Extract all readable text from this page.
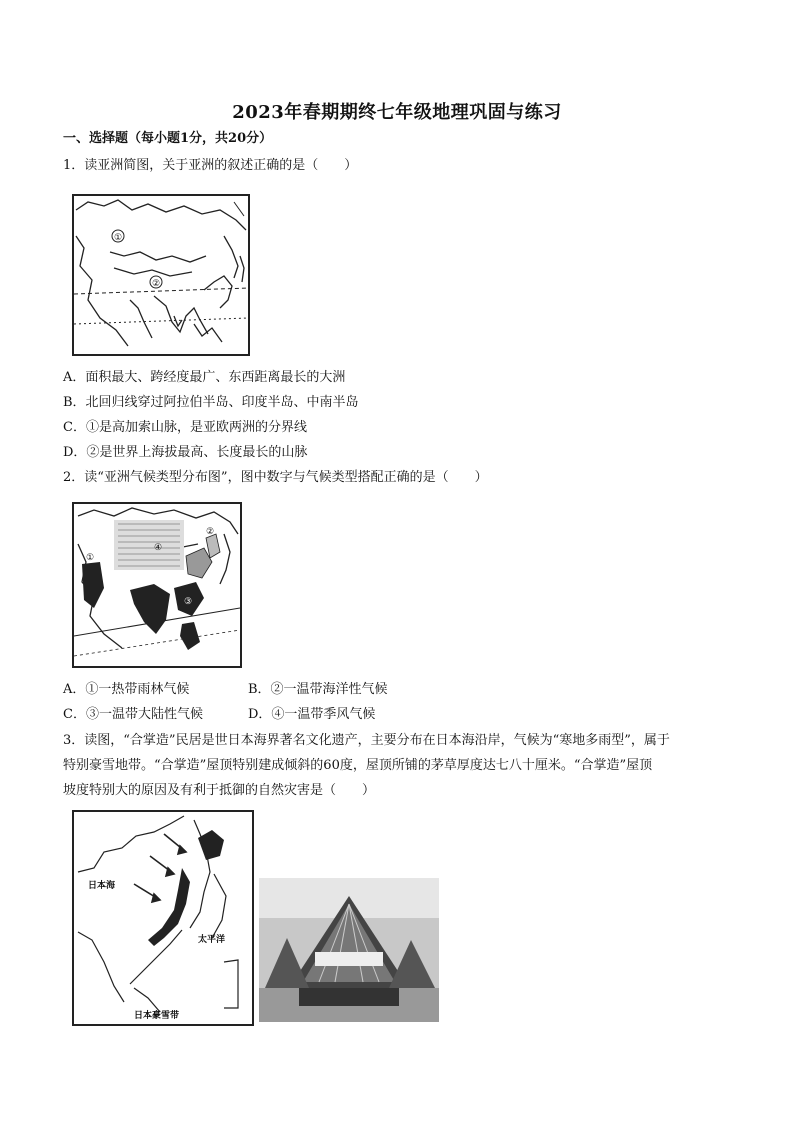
2023年春期期终七年级地理巩固与练习
一、选择题（每小题1分，共20分）
1．读亚洲简图，关于亚洲的叙述正确的是（　　）
①
②
A．面积最大、跨经度最广、东西距离最长的大洲
B．北回归线穿过阿拉伯半岛、印度半岛、中南半岛
C．①是高加索山脉，是亚欧两洲的分界线
D．②是世界上海拔最高、长度最长的山脉
2．读“亚洲气候类型分布图”，图中数字与气候类型搭配正确的是（　　）
①
②
③
④
A．①一热带雨林气候	B．②一温带海洋性气候
C．③一温带大陆性气候	D．④一温带季风气候
3．读图，“合掌造”民居是世日本海界著名文化遗产，主要分布在日本海沿岸，气候为“寒地多雨型”，属于
特别豪雪地带。“合掌造”屋顶特别建成倾斜的60度，屋顶所铺的茅草厚度达七八十厘米。“合掌造”屋顶
坡度特别大的原因及有利于抵御的自然灾害是（　　）
日本海
太平洋
日本豪雪带
